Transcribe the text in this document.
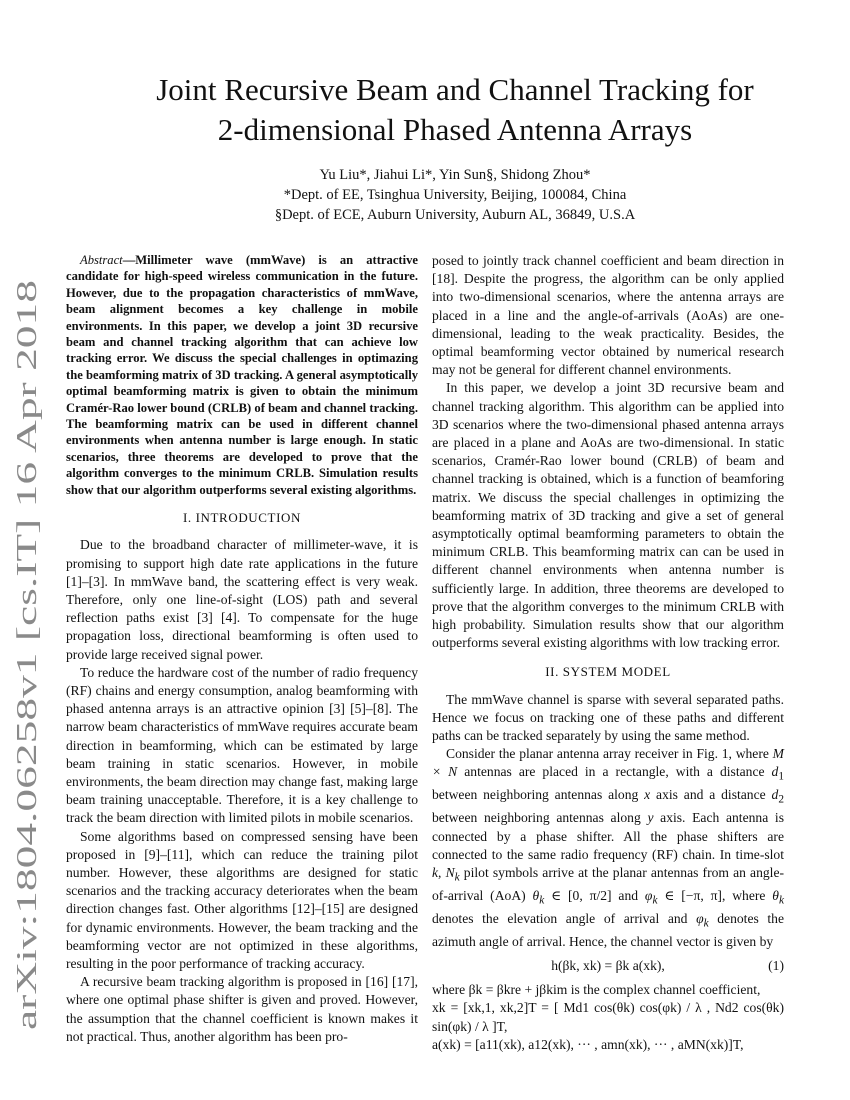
arXiv:1804.06258v1 [cs.IT] 16 Apr 2018
Joint Recursive Beam and Channel Tracking for
2-dimensional Phased Antenna Arrays
Yu Liu*, Jiahui Li*, Yin Sun§, Shidong Zhou*
*Dept. of EE, Tsinghua University, Beijing, 100084, China
§Dept. of ECE, Auburn University, Auburn AL, 36849, U.S.A

Abstract—Millimeter wave (mmWave) is an attractive candidate for high-speed wireless communication in the future. However, due to the propagation characteristics of mmWave, beam alignment becomes a key challenge in mobile environments. In this paper, we develop a joint 3D recursive beam and channel tracking algorithm that can achieve low tracking error. We discuss the special challenges in optimazing the beamforming matrix of 3D tracking. A general asymptotically optimal beamforming matrix is given to obtain the minimum Cramér-Rao lower bound (CRLB) of beam and channel tracking. The beamforming matrix can be used in different channel environments when antenna number is large enough. In static scenarios, three theorems are developed to prove that the algorithm converges to the minimum CRLB. Simulation results show that our algorithm outperforms several existing algorithms.

I. INTRODUCTION

Due to the broadband character of millimeter-wave, it is promising to support high date rate applications in the future [1]–[3]. In mmWave band, the scattering effect is very weak. Therefore, only one line-of-sight (LOS) path and several reflection paths exist [3] [4]. To compensate for the huge propagation loss, directional beamforming is often used to provide large received signal power.

To reduce the hardware cost of the number of radio frequency (RF) chains and energy consumption, analog beamforming with phased antenna arrays is an attractive opinion [3] [5]–[8]. The narrow beam characteristics of mmWave requires accurate beam direction in beamforming, which can be estimated by large beam training in static scenarios. However, in mobile environments, the beam direction may change fast, making large beam training unacceptable. Therefore, it is a key challenge to track the beam direction with limited pilots in mobile scenarios.

Some algorithms based on compressed sensing have been proposed in [9]–[11], which can reduce the training pilot number. However, these algorithms are designed for static scenarios and the tracking accuracy deteriorates when the beam direction changes fast. Other algorithms [12]–[15] are designed for dynamic environments. However, the beam tracking and the beamforming vector are not optimized in these algorithms, resulting in the poor performance of tracking accuracy.

A recursive beam tracking algorithm is proposed in [16] [17], where one optimal phase shifter is given and proved. However, the assumption that the channel coefficient is known makes it not practical. Thus, another algorithm has been pro-

posed to jointly track channel coefficient and beam direction in [18]. Despite the progress, the algorithm can be only applied into two-dimensional scenarios, where the antenna arrays are placed in a line and the angle-of-arrivals (AoAs) are one-dimensional, leading to the weak practicality. Besides, the optimal beamforming vector obtained by numerical research may not be general for different channel environments.

In this paper, we develop a joint 3D recursive beam and channel tracking algorithm. This algorithm can be applied into 3D scenarios where the two-dimensional phased antenna arrays are placed in a plane and AoAs are two-dimensional. In static scenarios, Cramér-Rao lower bound (CRLB) of beam and channel tracking is obtained, which is a function of beamforing matrix. We discuss the special challenges in optimizing the beamforming matrix of 3D tracking and give a set of general asymptotically optimal beamforming parameters to obtain the minimum CRLB. This beamforming matrix can can be used in different channel environments when antenna number is sufficiently large. In addition, three theorems are developed to prove that the algorithm converges to the minimum CRLB with high probability. Simulation results show that our algorithm outperforms several existing algorithms with low tracking error.

II. SYSTEM MODEL

The mmWave channel is sparse with several separated paths. Hence we focus on tracking one of these paths and different paths can be tracked separately by using the same method.

Consider the planar antenna array receiver in Fig. 1, where M × N antennas are placed in a rectangle, with a distance $d_1$ between neighboring antennas along x axis and a distance $d_2$ between neighboring antennas along y axis. Each antenna is connected by a phase shifter. All the phase shifters are connected to the same radio frequency (RF) chain. In time-slot k, $N_k$ pilot symbols arrive at the planar antennas from an angle-of-arrival (AoA) $\theta_k$ ∈ [0, π/2] and $\varphi_k$ ∈ [−π, π], where $\theta_k$ denotes the elevation angle of arrival and $\varphi_k$ denotes the azimuth angle of arrival. Hence, the channel vector is given by

h(βk, xk) = βk a(xk),	(1)

where βk = βkre + jβkim is the complex channel coefficient,

xk = [xk,1, xk,2]T = [ Md1 cos(θk) cos(φk) / λ , Nd2 cos(θk) sin(φk) / λ ]T,

a(xk) = [a11(xk), a12(xk), ··· , amn(xk), ··· , aMN(xk)]T,
